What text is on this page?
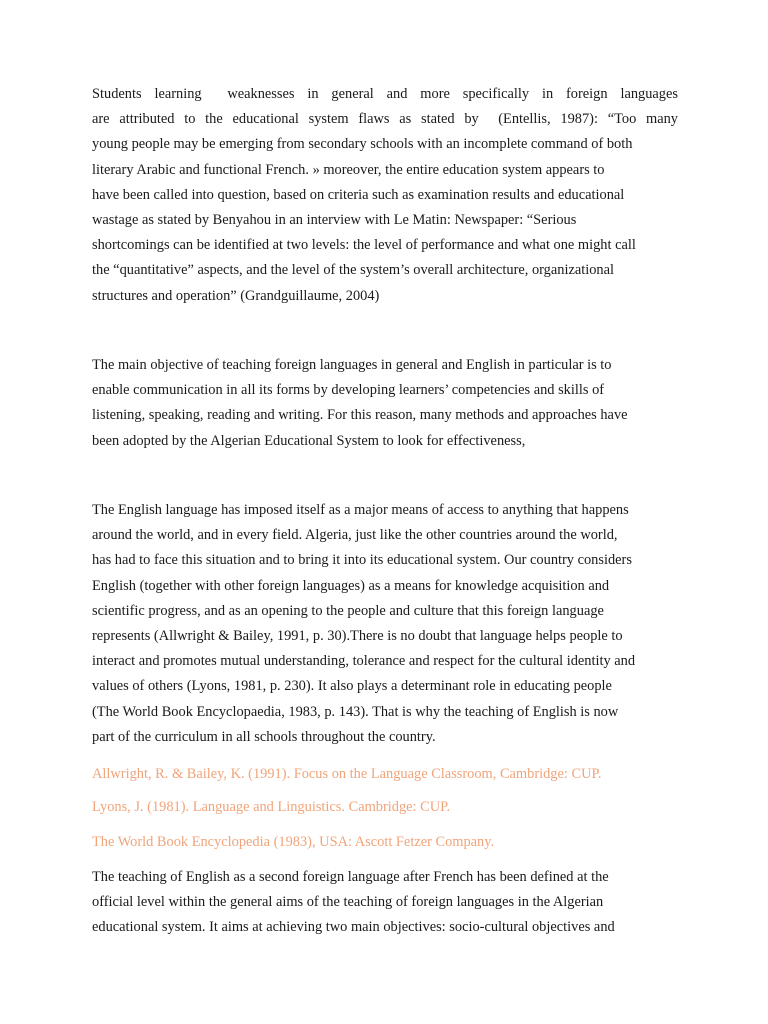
Students learning  weaknesses in general and more specifically in foreign languages
are attributed to the educational system flaws as stated by  (Entellis, 1987): “Too many
young people may be emerging from secondary schools with an incomplete command of both
literary Arabic and functional French. » moreover, the entire education system appears to
have been called into question, based on criteria such as examination results and educational
wastage as stated by Benyahou in an interview with Le Matin: Newspaper: “Serious
shortcomings can be identified at two levels: the level of performance and what one might call
the “quantitative” aspects, and the level of the system’s overall architecture, organizational
structures and operation” (Grandguillaume, 2004)

The main objective of teaching foreign languages in general and English in particular is to
enable communication in all its forms by developing learners’ competencies and skills of
listening, speaking, reading and writing. For this reason, many methods and approaches have
been adopted by the Algerian Educational System to look for effectiveness,

The English language has imposed itself as a major means of access to anything that happens
around the world, and in every field. Algeria, just like the other countries around the world,
has had to face this situation and to bring it into its educational system. Our country considers
English (together with other foreign languages) as a means for knowledge acquisition and
scientific progress, and as an opening to the people and culture that this foreign language
represents (Allwright & Bailey, 1991, p. 30).There is no doubt that language helps people to
interact and promotes mutual understanding, tolerance and respect for the cultural identity and
values of others (Lyons, 1981, p. 230). It also plays a determinant role in educating people
(The World Book Encyclopaedia, 1983, p. 143). That is why the teaching of English is now
part of the curriculum in all schools throughout the country.

Allwright, R. & Bailey, K. (1991). Focus on the Language Classroom, Cambridge: CUP.

Lyons, J. (1981). Language and Linguistics. Cambridge: CUP.

The World Book Encyclopedia (1983), USA: Ascott Fetzer Company.

The teaching of English as a second foreign language after French has been defined at the
official level within the general aims of the teaching of foreign languages in the Algerian
educational system. It aims at achieving two main objectives: socio-cultural objectives and
